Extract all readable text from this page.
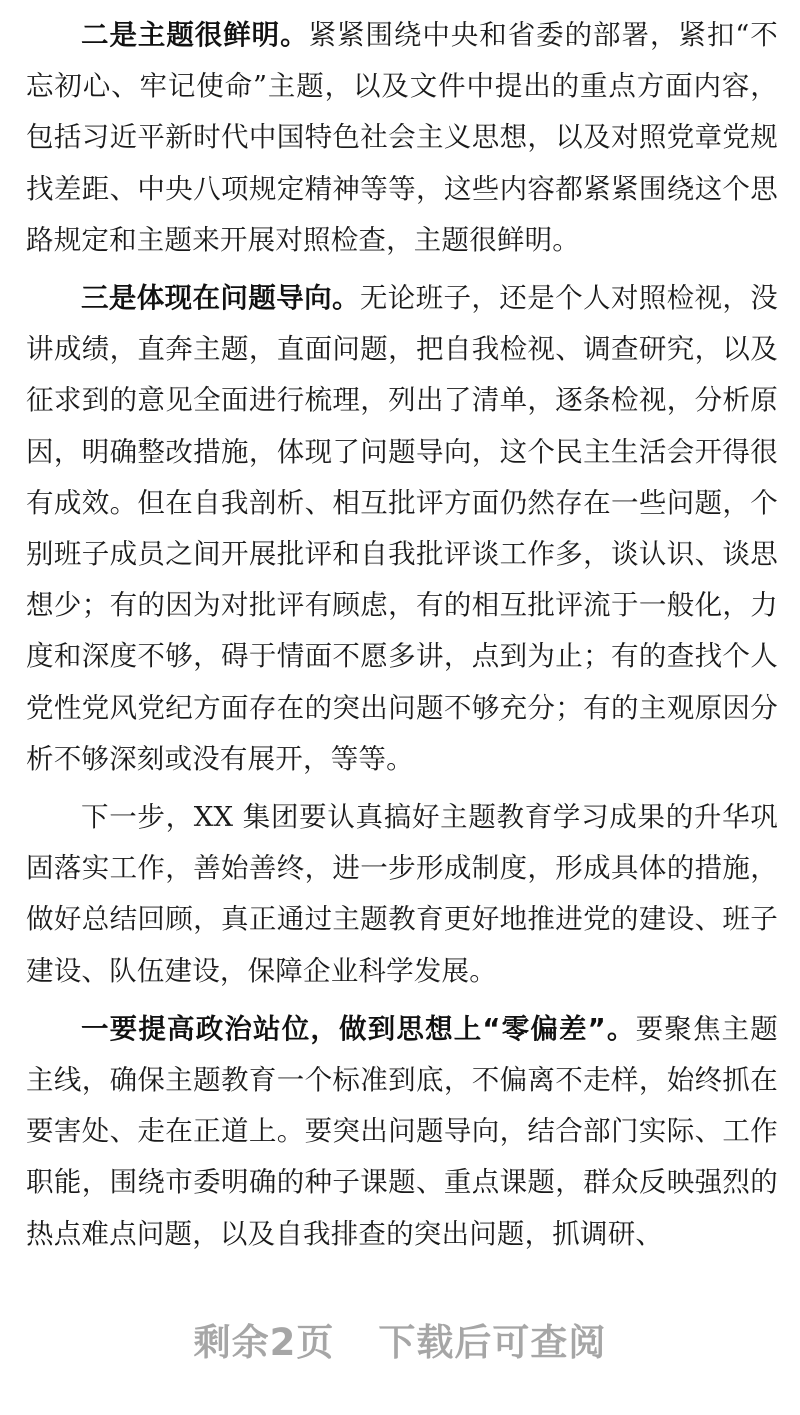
二是主题很鲜明。紧紧围绕中央和省委的部署，紧扣“不忘初心、牢记使命”主题，以及文件中提出的重点方面内容，包括习近平新时代中国特色社会主义思想，以及对照党章党规找差距、中央八项规定精神等等，这些内容都紧紧围绕这个思路规定和主题来开展对照检查，主题很鲜明。

三是体现在问题导向。无论班子，还是个人对照检视，没讲成绩，直奔主题，直面问题，把自我检视、调查研究，以及征求到的意见全面进行梳理，列出了清单，逐条检视，分析原因，明确整改措施，体现了问题导向，这个民主生活会开得很有成效。但在自我剖析、相互批评方面仍然存在一些问题，个别班子成员之间开展批评和自我批评谈工作多，谈认识、谈思想少；有的因为对批评有顾虑，有的相互批评流于一般化，力度和深度不够，碍于情面不愿多讲，点到为止；有的查找个人党性党风党纪方面存在的突出问题不够充分；有的主观原因分析不够深刻或没有展开，等等。

下一步，XX 集团要认真搞好主题教育学习成果的升华巩固落实工作，善始善终，进一步形成制度，形成具体的措施，做好总结回顾，真正通过主题教育更好地推进党的建设、班子建设、队伍建设，保障企业科学发展。

一要提高政治站位，做到思想上“零偏差”。要聚焦主题主线，确保主题教育一个标准到底，不偏离不走样，始终抓在要害处、走在正道上。要突出问题导向，结合部门实际、工作职能，围绕市委明确的种子课题、重点课题，群众反映强烈的热点难点问题，以及自我排查的突出问题，抓调研、

剩余2页 下载后可查阅
